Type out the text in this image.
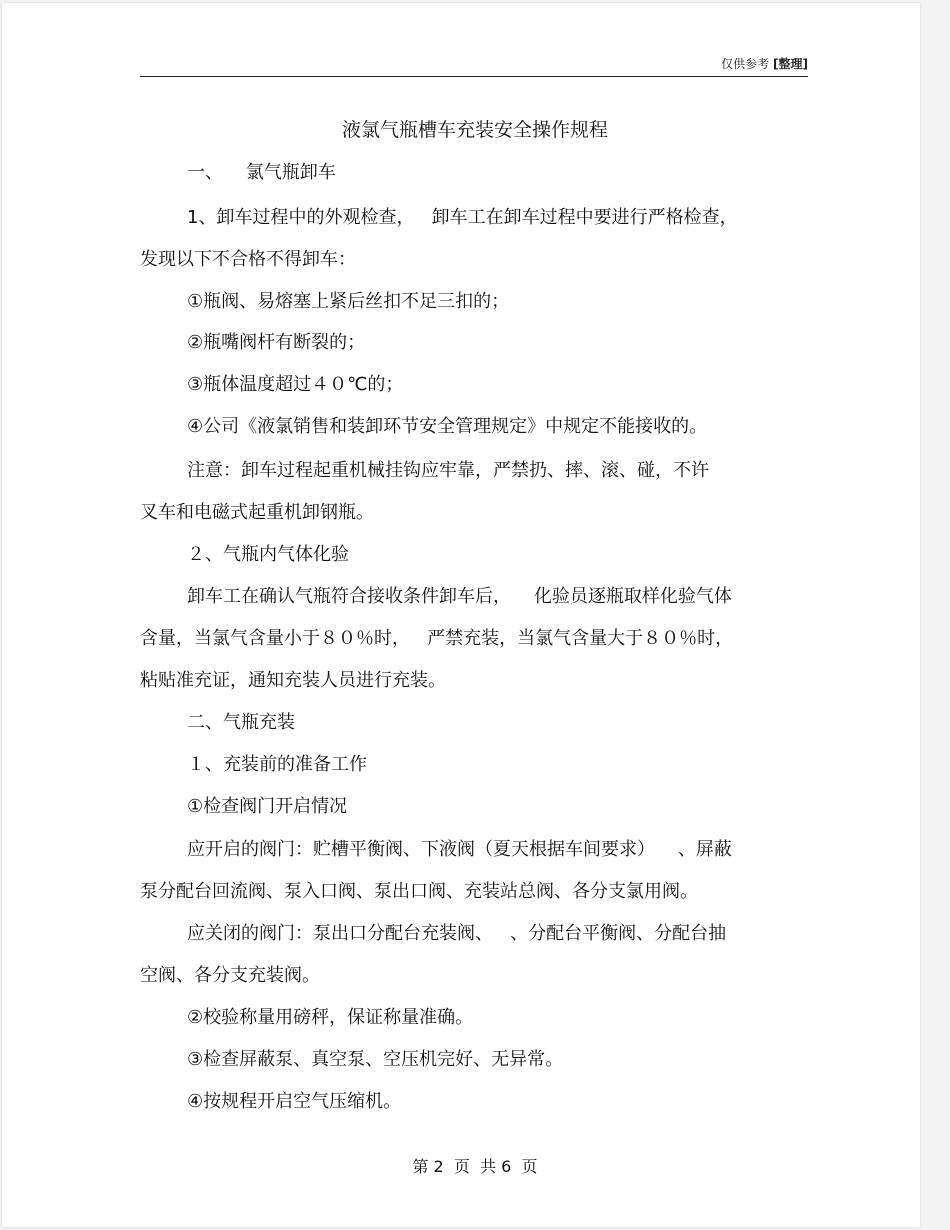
仅供参考 [整理]
液氯气瓶槽车充装安全操作规程
一、    氯气瓶卸车
1、卸车过程中的外观检查，   卸车工在卸车过程中要进行严格检查，
发现以下不合格不得卸车：
①瓶阀、易熔塞上紧后丝扣不足三扣的；
②瓶嘴阀杆有断裂的；
③瓶体温度超过４０℃的；
④公司《液氯销售和装卸环节安全管理规定》中规定不能接收的。
注意：卸车过程起重机械挂钩应牢靠，严禁扔、摔、滚、碰，不许
叉车和电磁式起重机卸钢瓶。
２、气瓶内气体化验
卸车工在确认气瓶符合接收条件卸车后，    化验员逐瓶取样化验气体
含量，当氯气含量小于８０％时，   严禁充装，当氯气含量大于８０％时，
粘贴准充证，通知充装人员进行充装。
二、气瓶充装
１、充装前的准备工作
①检查阀门开启情况
应开启的阀门：贮槽平衡阀、下液阀（夏天根据车间要求）    、屏蔽
泵分配台回流阀、泵入口阀、泵出口阀、充装站总阀、各分支氯用阀。
应关闭的阀门：泵出口分配台充装阀、   、分配台平衡阀、分配台抽
空阀、各分支充装阀。
②校验称量用磅秤，保证称量准确。
③检查屏蔽泵、真空泵、空压机完好、无异常。
④按规程开启空气压缩机。
第 2  页  共 6  页
